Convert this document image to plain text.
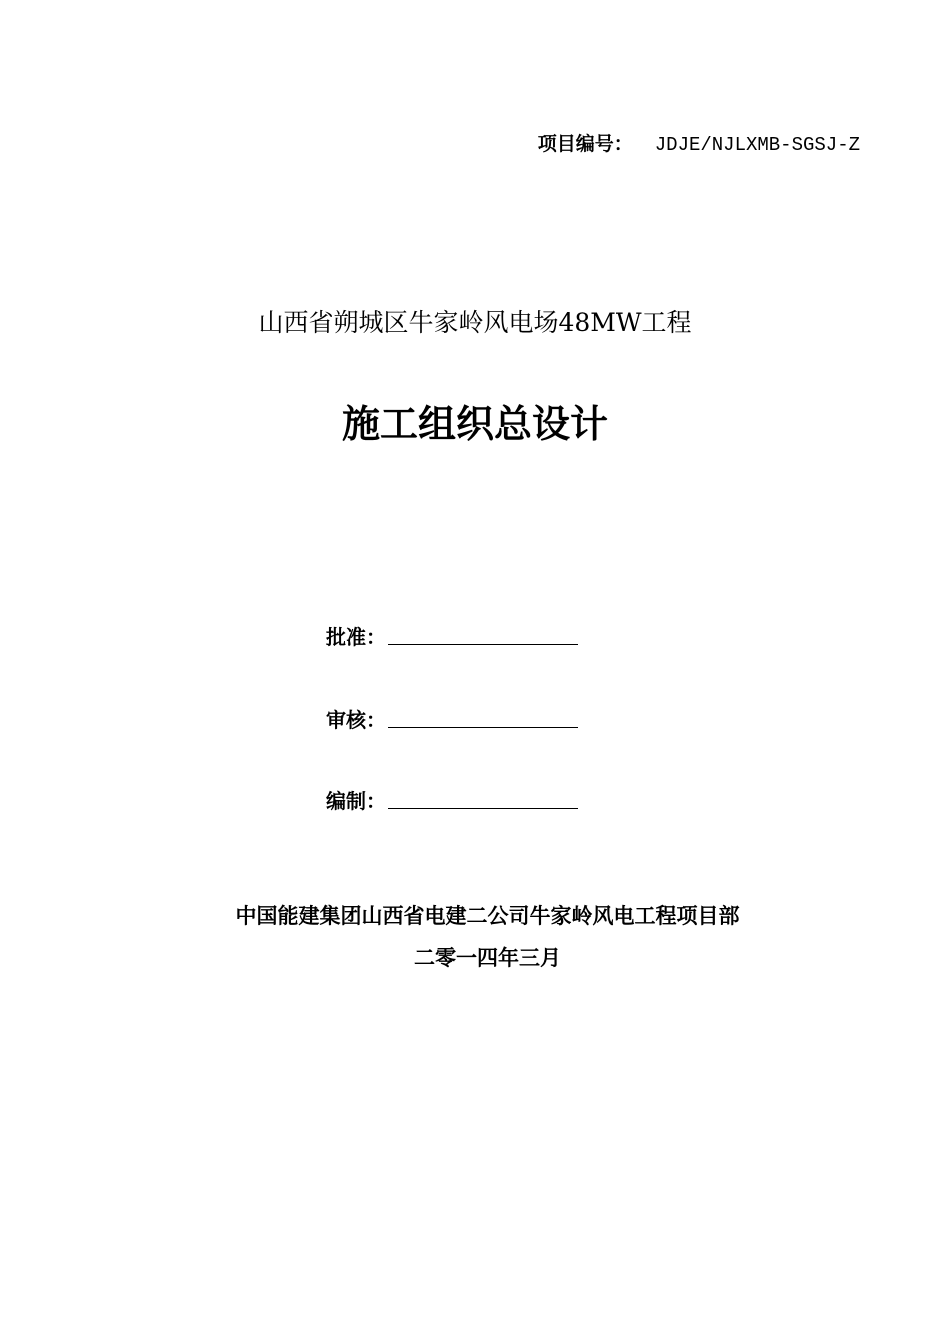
项目编号： JDJE/NJLXMB-SGSJ-Z
山西省朔城区牛家岭风电场48MW工程
施工组织总设计
批准：
审核：
编制：
中国能建集团山西省电建二公司牛家岭风电工程项目部
二零一四年三月
